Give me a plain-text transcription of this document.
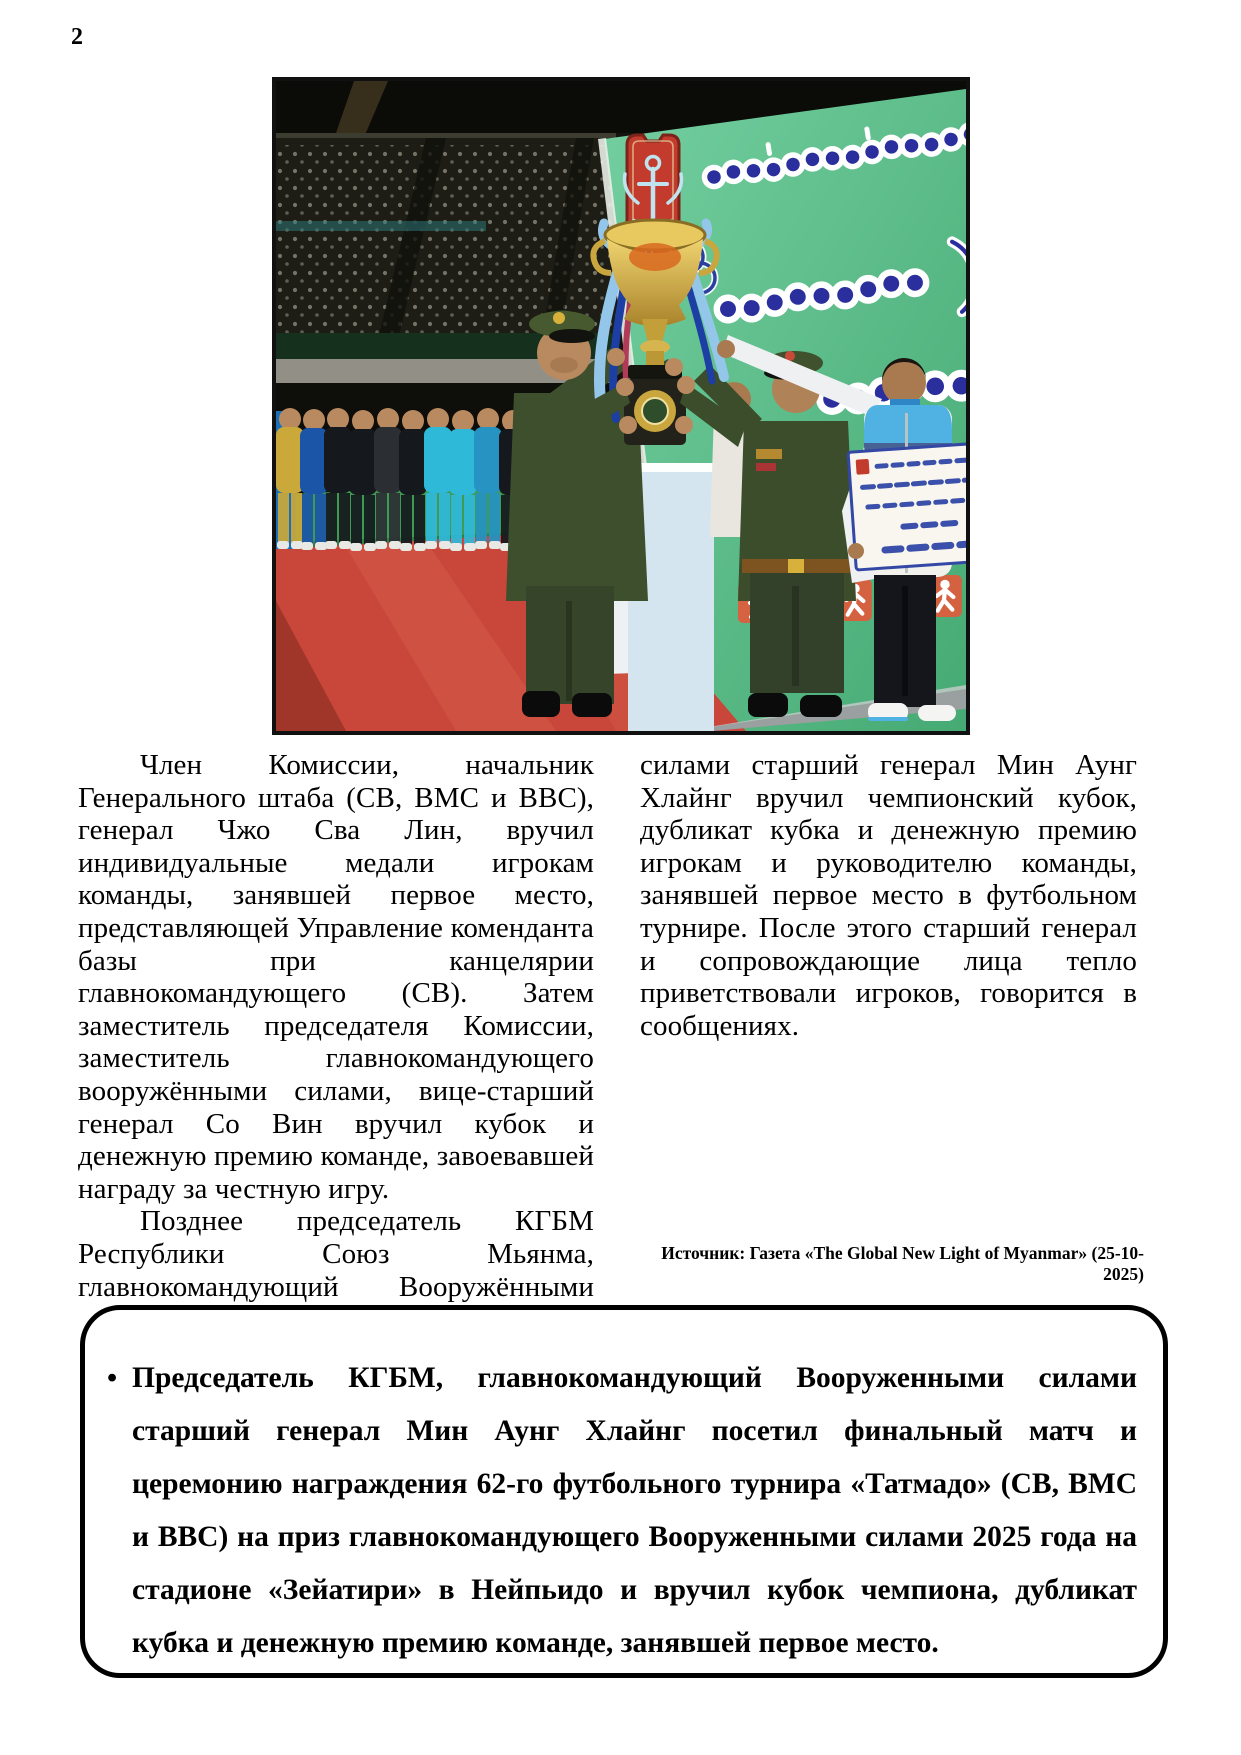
2

Член Комиссии, начальник Генерального штаба (СВ, ВМС и ВВС), генерал Чжо Сва Лин, вручил индивидуальные медали игрокам команды, занявшей первое место, представляющей Управление коменданта базы при канцелярии главнокомандующего (СВ). Затем заместитель председателя Комиссии, заместитель главнокомандующего вооружёнными силами, вице-старший генерал Со Вин вручил кубок и денежную премию команде, завоевавшей награду за честную игру.

Позднее председатель КГБМ Республики Союз Мьянма, главнокомандующий Вооружёнными

силами старший генерал Мин Аунг Хлайнг вручил чемпионский кубок, дубликат кубка и денежную премию игрокам и руководителю команды, занявшей первое место в футбольном турнире. После этого старший генерал и сопровождающие лица тепло приветствовали игроков, говорится в сообщениях.

Источник: Газета «The Global New Light of Myanmar» (25-10-2025)
• Председатель КГБМ, главнокомандующий Вооруженными силами старший генерал Мин Аунг Хлайнг посетил финальный матч и церемонию награждения 62-го футбольного турнира «Татмадо» (СВ, ВМС и ВВС) на приз главнокомандующего Вооруженными силами 2025 года на стадионе «Зейатири» в Нейпьидо и вручил кубок чемпиона, дубликат кубка и денежную премию команде, занявшей первое место.
